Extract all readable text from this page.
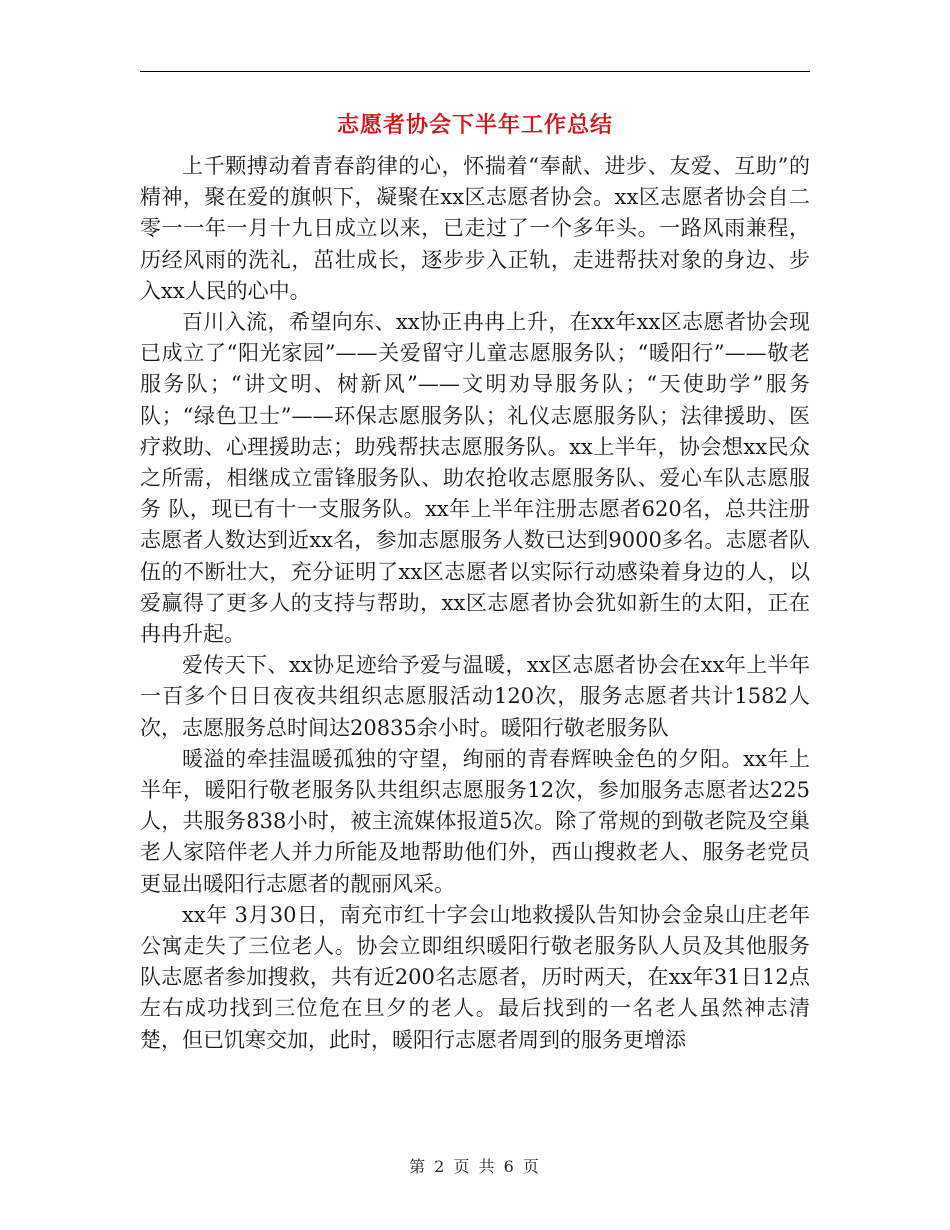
志愿者协会下半年工作总结

上千颗搏动着青春韵律的心，怀揣着“奉献、进步、友爱、互助”的精神，聚在爱的旗帜下，凝聚在xx区志愿者协会。xx区志愿者协会自二零一一年一月十九日成立以来，已走过了一个多年头。一路风雨兼程，历经风雨的洗礼，茁壮成长，逐步步入正轨，走进帮扶对象的身边、步入xx人民的心中。

百川入流，希望向东、xx协正冉冉上升，在xx年xx区志愿者协会现已成立了“阳光家园”——关爱留守儿童志愿服务队；“暖阳行”——敬老服务队；“讲文明、树新风”——文明劝导服务队；“天使助学”服务队；“绿色卫士”——环保志愿服务队；礼仪志愿服务队；法律援助、医疗救助、心理援助志；助残帮扶志愿服务队。xx上半年，协会想xx民众之所需，相继成立雷锋服务队、助农抢收志愿服务队、爱心车队志愿服务 队，现已有十一支服务队。xx年上半年注册志愿者620名，总共注册志愿者人数达到近xx名，参加志愿服务人数已达到9000多名。志愿者队伍的不断壮大，充分证明了xx区志愿者以实际行动感染着身边的人，以爱赢得了更多人的支持与帮助，xx区志愿者协会犹如新生的太阳，正在冉冉升起。

爱传天下、xx协足迹给予爱与温暖，xx区志愿者协会在xx年上半年一百多个日日夜夜共组织志愿服活动120次，服务志愿者共计1582人次，志愿服务总时间达20835余小时。暖阳行敬老服务队

暖溢的牵挂温暖孤独的守望，绚丽的青春辉映金色的夕阳。xx年上半年，暖阳行敬老服务队共组织志愿服务12次，参加服务志愿者达225人，共服务838小时，被主流媒体报道5次。除了常规的到敬老院及空巢老人家陪伴老人并力所能及地帮助他们外，西山搜救老人、服务老党员更显出暖阳行志愿者的靓丽风采。

xx年 3月30日，南充市红十字会山地救援队告知协会金泉山庄老年公寓走失了三位老人。协会立即组织暖阳行敬老服务队人员及其他服务队志愿者参加搜救，共有近200名志愿者，历时两天，在xx年31日12点左右成功找到三位危在旦夕的老人。最后找到的一名老人虽然神志清楚，但已饥寒交加，此时，暖阳行志愿者周到的服务更增添

第 2 页 共 6 页
